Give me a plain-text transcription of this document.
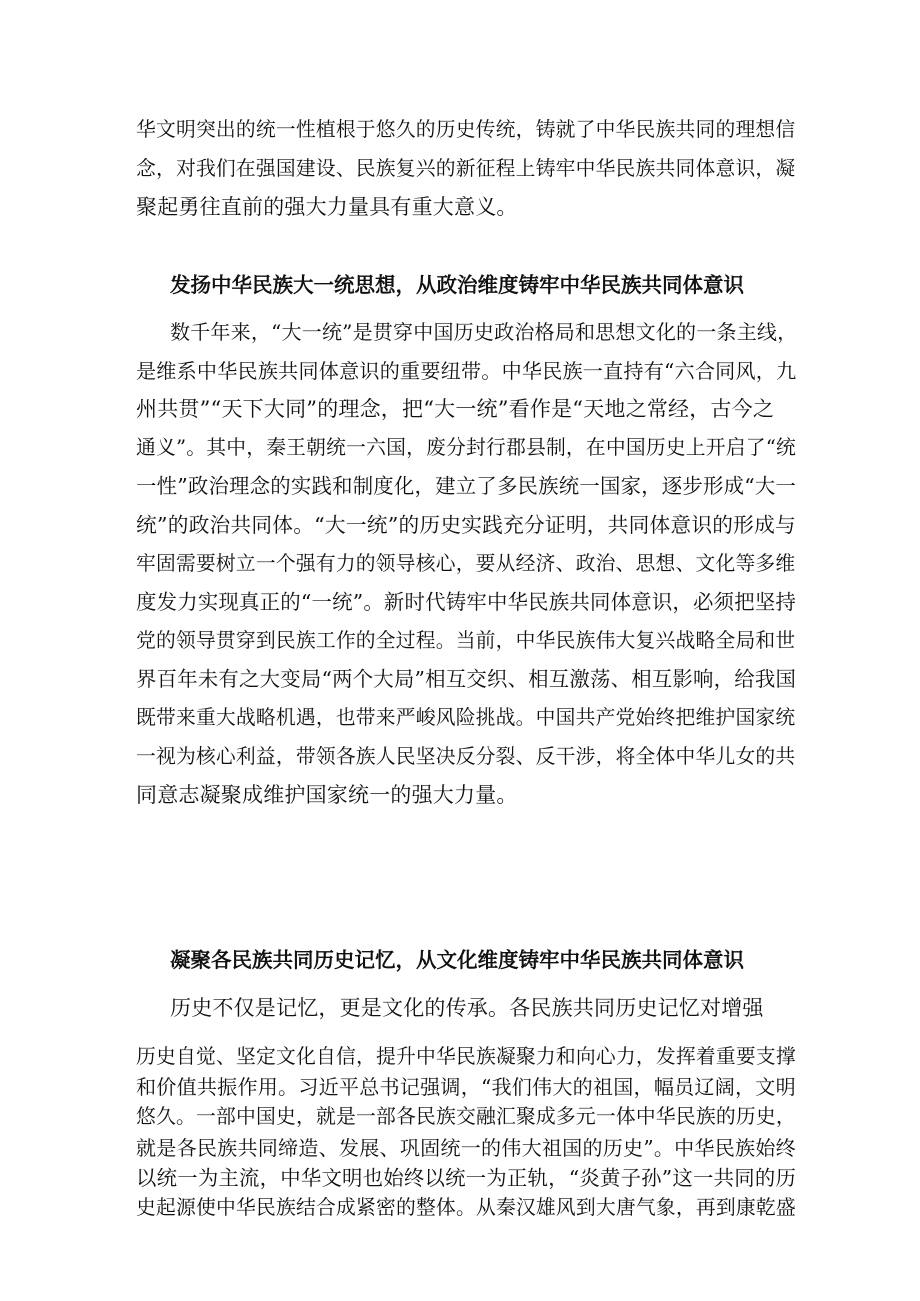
华文明突出的统一性植根于悠久的历史传统，铸就了中华民族共同的理想信
念，对我们在强国建设、民族复兴的新征程上铸牢中华民族共同体意识，凝
聚起勇往直前的强大力量具有重大意义。

发扬中华民族大一统思想，从政治维度铸牢中华民族共同体意识

数千年来，“大一统”是贯穿中国历史政治格局和思想文化的一条主线，
是维系中华民族共同体意识的重要纽带。中华民族一直持有“六合同风，九
州共贯”“天下大同”的理念，把“大一统”看作是“天地之常经，古今之
通义”。其中，秦王朝统一六国，废分封行郡县制，在中国历史上开启了“统
一性”政治理念的实践和制度化，建立了多民族统一国家，逐步形成“大一
统”的政治共同体。“大一统”的历史实践充分证明，共同体意识的形成与
牢固需要树立一个强有力的领导核心，要从经济、政治、思想、文化等多维
度发力实现真正的“一统”。新时代铸牢中华民族共同体意识，必须把坚持
党的领导贯穿到民族工作的全过程。当前，中华民族伟大复兴战略全局和世
界百年未有之大变局“两个大局”相互交织、相互激荡、相互影响，给我国
既带来重大战略机遇，也带来严峻风险挑战。中国共产党始终把维护国家统
一视为核心利益，带领各族人民坚决反分裂、反干涉，将全体中华儿女的共
同意志凝聚成维护国家统一的强大力量。

凝聚各民族共同历史记忆，从文化维度铸牢中华民族共同体意识

历史不仅是记忆，更是文化的传承。各民族共同历史记忆对增强
历史自觉、坚定文化自信，提升中华民族凝聚力和向心力，发挥着重要支撑
和价值共振作用。习近平总书记强调，“我们伟大的祖国，幅员辽阔，文明
悠久。一部中国史，就是一部各民族交融汇聚成多元一体中华民族的历史，
就是各民族共同缔造、发展、巩固统一的伟大祖国的历史”。中华民族始终
以统一为主流，中华文明也始终以统一为正轨，“炎黄子孙”这一共同的历
史起源使中华民族结合成紧密的整体。从秦汉雄风到大唐气象，再到康乾盛
